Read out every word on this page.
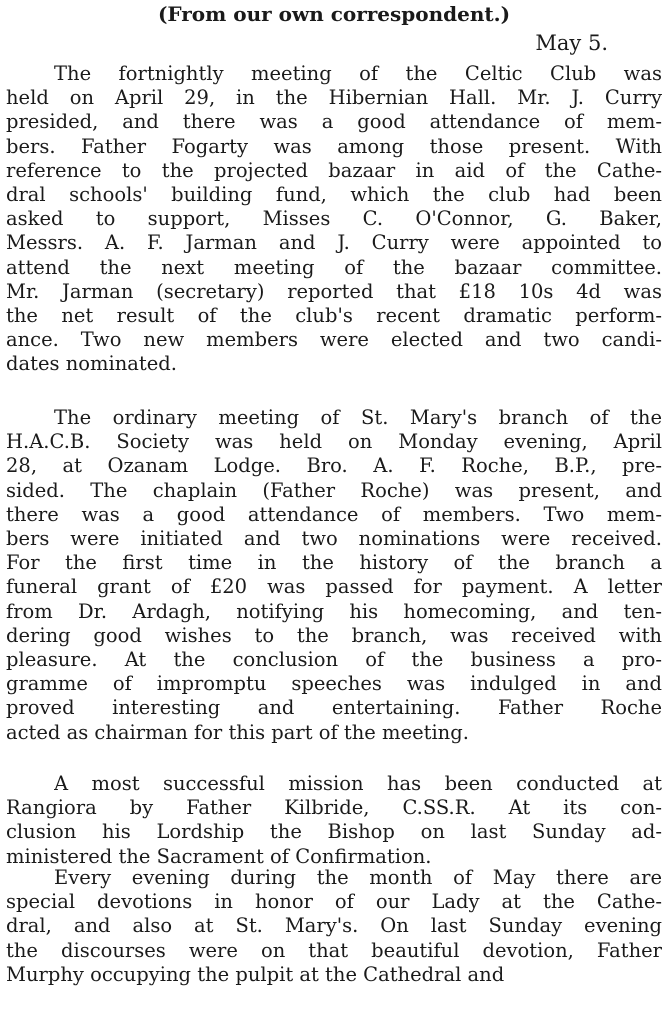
(From our own correspondent.)
May 5.
The fortnightly meeting of the Celtic Club was
held on April 29, in the Hibernian Hall. Mr. J. Curry
presided, and there was a good attendance of mem-
bers. Father Fogarty was among those present. With
reference to the projected bazaar in aid of the Cathe-
dral schools' building fund, which the club had been
asked to support, Misses C. O'Connor, G. Baker,
Messrs. A. F. Jarman and J. Curry were appointed to
attend the next meeting of the bazaar committee.
Mr. Jarman (secretary) reported that £18 10s 4d was
the net result of the club's recent dramatic perform-
ance. Two new members were elected and two candi-
dates nominated.
The ordinary meeting of St. Mary's branch of the
H.A.C.B. Society was held on Monday evening, April
28, at Ozanam Lodge. Bro. A. F. Roche, B.P., pre-
sided. The chaplain (Father Roche) was present, and
there was a good attendance of members. Two mem-
bers were initiated and two nominations were received.
For the first time in the history of the branch a
funeral grant of £20 was passed for payment. A letter
from Dr. Ardagh, notifying his homecoming, and ten-
dering good wishes to the branch, was received with
pleasure. At the conclusion of the business a pro-
gramme of impromptu speeches was indulged in and
proved interesting and entertaining. Father Roche
acted as chairman for this part of the meeting.
A most successful mission has been conducted at
Rangiora by Father Kilbride, C.SS.R. At its con-
clusion his Lordship the Bishop on last Sunday ad-
ministered the Sacrament of Confirmation.
Every evening during the month of May there are
special devotions in honor of our Lady at the Cathe-
dral, and also at St. Mary's. On last Sunday evening
the discourses were on that beautiful devotion, Father
Murphy occupying the pulpit at the Cathedral and
